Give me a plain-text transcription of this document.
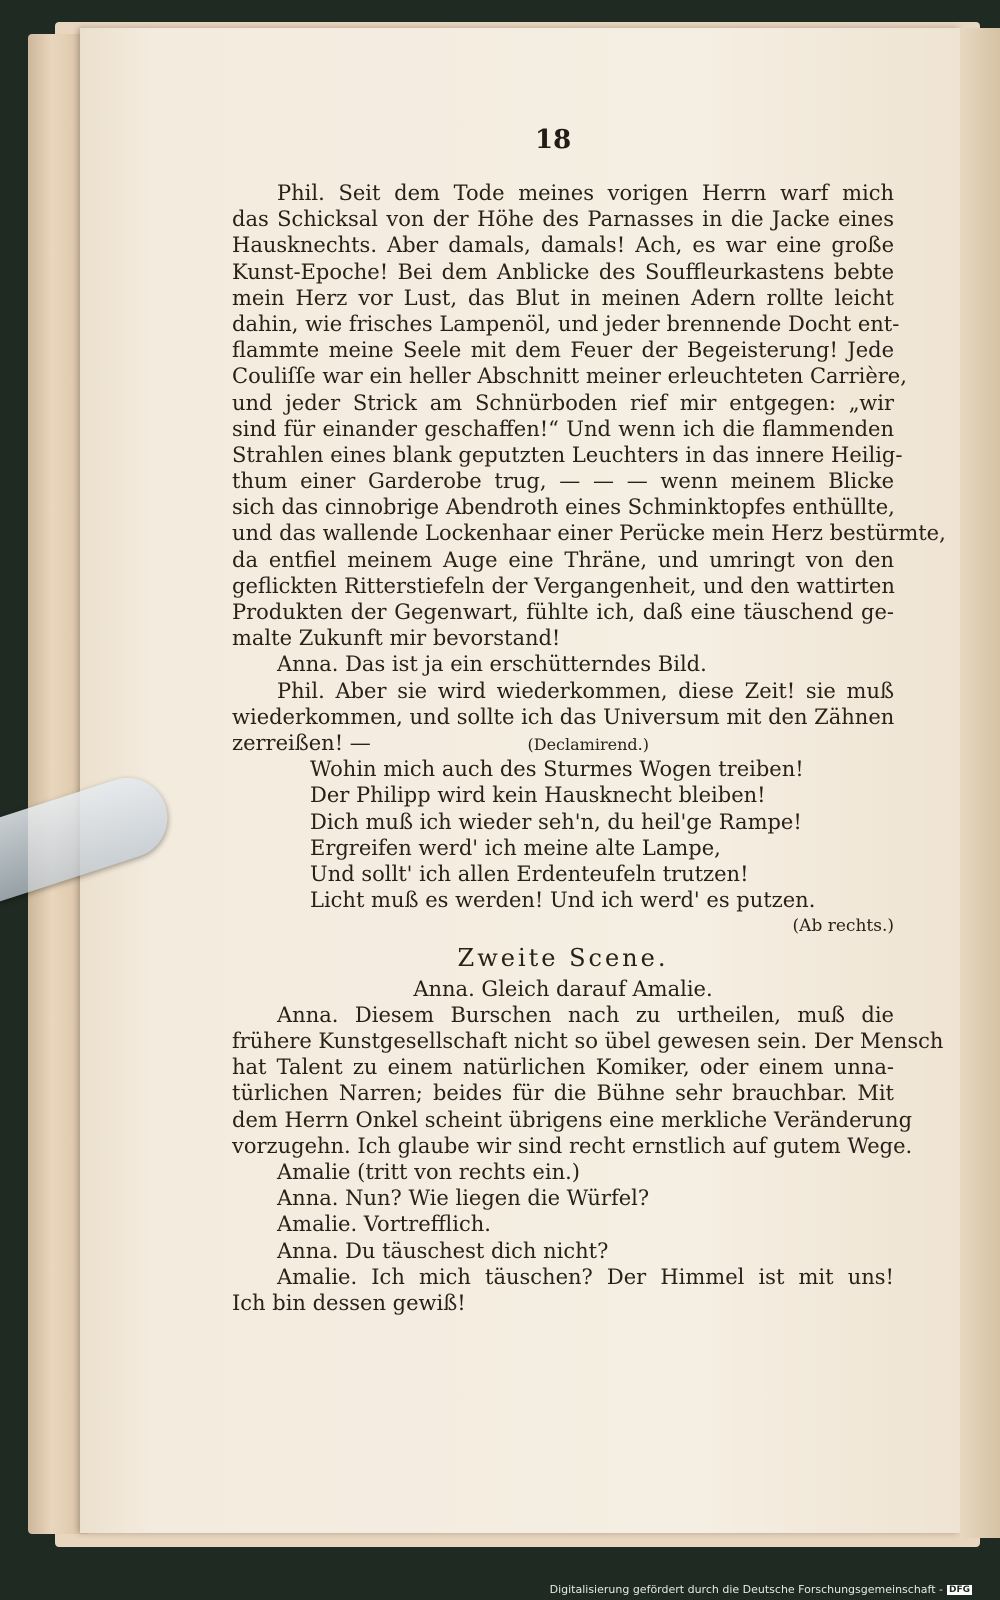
18
Phil. Seit dem Tode meines vorigen Herrn warf mich
das Schicksal von der Höhe des Parnasses in die Jacke eines
Hausknechts. Aber damals, damals! Ach, es war eine große
Kunst-Epoche! Bei dem Anblicke des Souffleurkastens bebte
mein Herz vor Lust, das Blut in meinen Adern rollte leicht
dahin, wie frisches Lampenöl, und jeder brennende Docht ent-
flammte meine Seele mit dem Feuer der Begeisterung! Jede
Couliſſe war ein heller Abschnitt meiner erleuchteten Carrière,
und jeder Strick am Schnürboden rief mir entgegen: „wir
sind für einander geschaffen!“ Und wenn ich die flammenden
Strahlen eines blank geputzten Leuchters in das innere Heilig-
thum einer Garderobe trug, — — — wenn meinem Blicke
sich das cinnobrige Abendroth eines Schminktopfes enthüllte,
und das wallende Lockenhaar einer Perücke mein Herz bestürmte,
da entfiel meinem Auge eine Thräne, und umringt von den
geflickten Ritterstiefeln der Vergangenheit, und den wattirten
Produkten der Gegenwart, fühlte ich, daß eine täuschend ge-
malte Zukunft mir bevorstand!
Anna. Das ist ja ein erschütterndes Bild.
Phil. Aber sie wird wiederkommen, diese Zeit! sie muß
wiederkommen, und sollte ich das Universum mit den Zähnen
zerreißen! —	(Declamirend.)
Wohin mich auch des Sturmes Wogen treiben!
Der Philipp wird kein Hausknecht bleiben!
Dich muß ich wieder seh'n, du heil'ge Rampe!
Ergreifen werd' ich meine alte Lampe,
Und sollt' ich allen Erdenteufeln trutzen!
Licht muß es werden! Und ich werd' es putzen.
(Ab rechts.)
Zweite Scene.
Anna. Gleich darauf Amalie.
Anna. Diesem Burschen nach zu urtheilen, muß die
frühere Kunstgesellschaft nicht so übel gewesen sein. Der Mensch
hat Talent zu einem natürlichen Komiker, oder einem unna-
türlichen Narren; beides für die Bühne sehr brauchbar. Mit
dem Herrn Onkel scheint übrigens eine merkliche Veränderung
vorzugehn. Ich glaube wir sind recht ernstlich auf gutem Wege.
Amalie (tritt von rechts ein.)
Anna. Nun? Wie liegen die Würfel?
Amalie. Vortrefflich.
Anna. Du täuschest dich nicht?
Amalie. Ich mich täuschen? Der Himmel ist mit uns!
Ich bin dessen gewiß!
Digitalisierung gefördert durch die Deutsche Forschungsgemeinschaft - DFG
